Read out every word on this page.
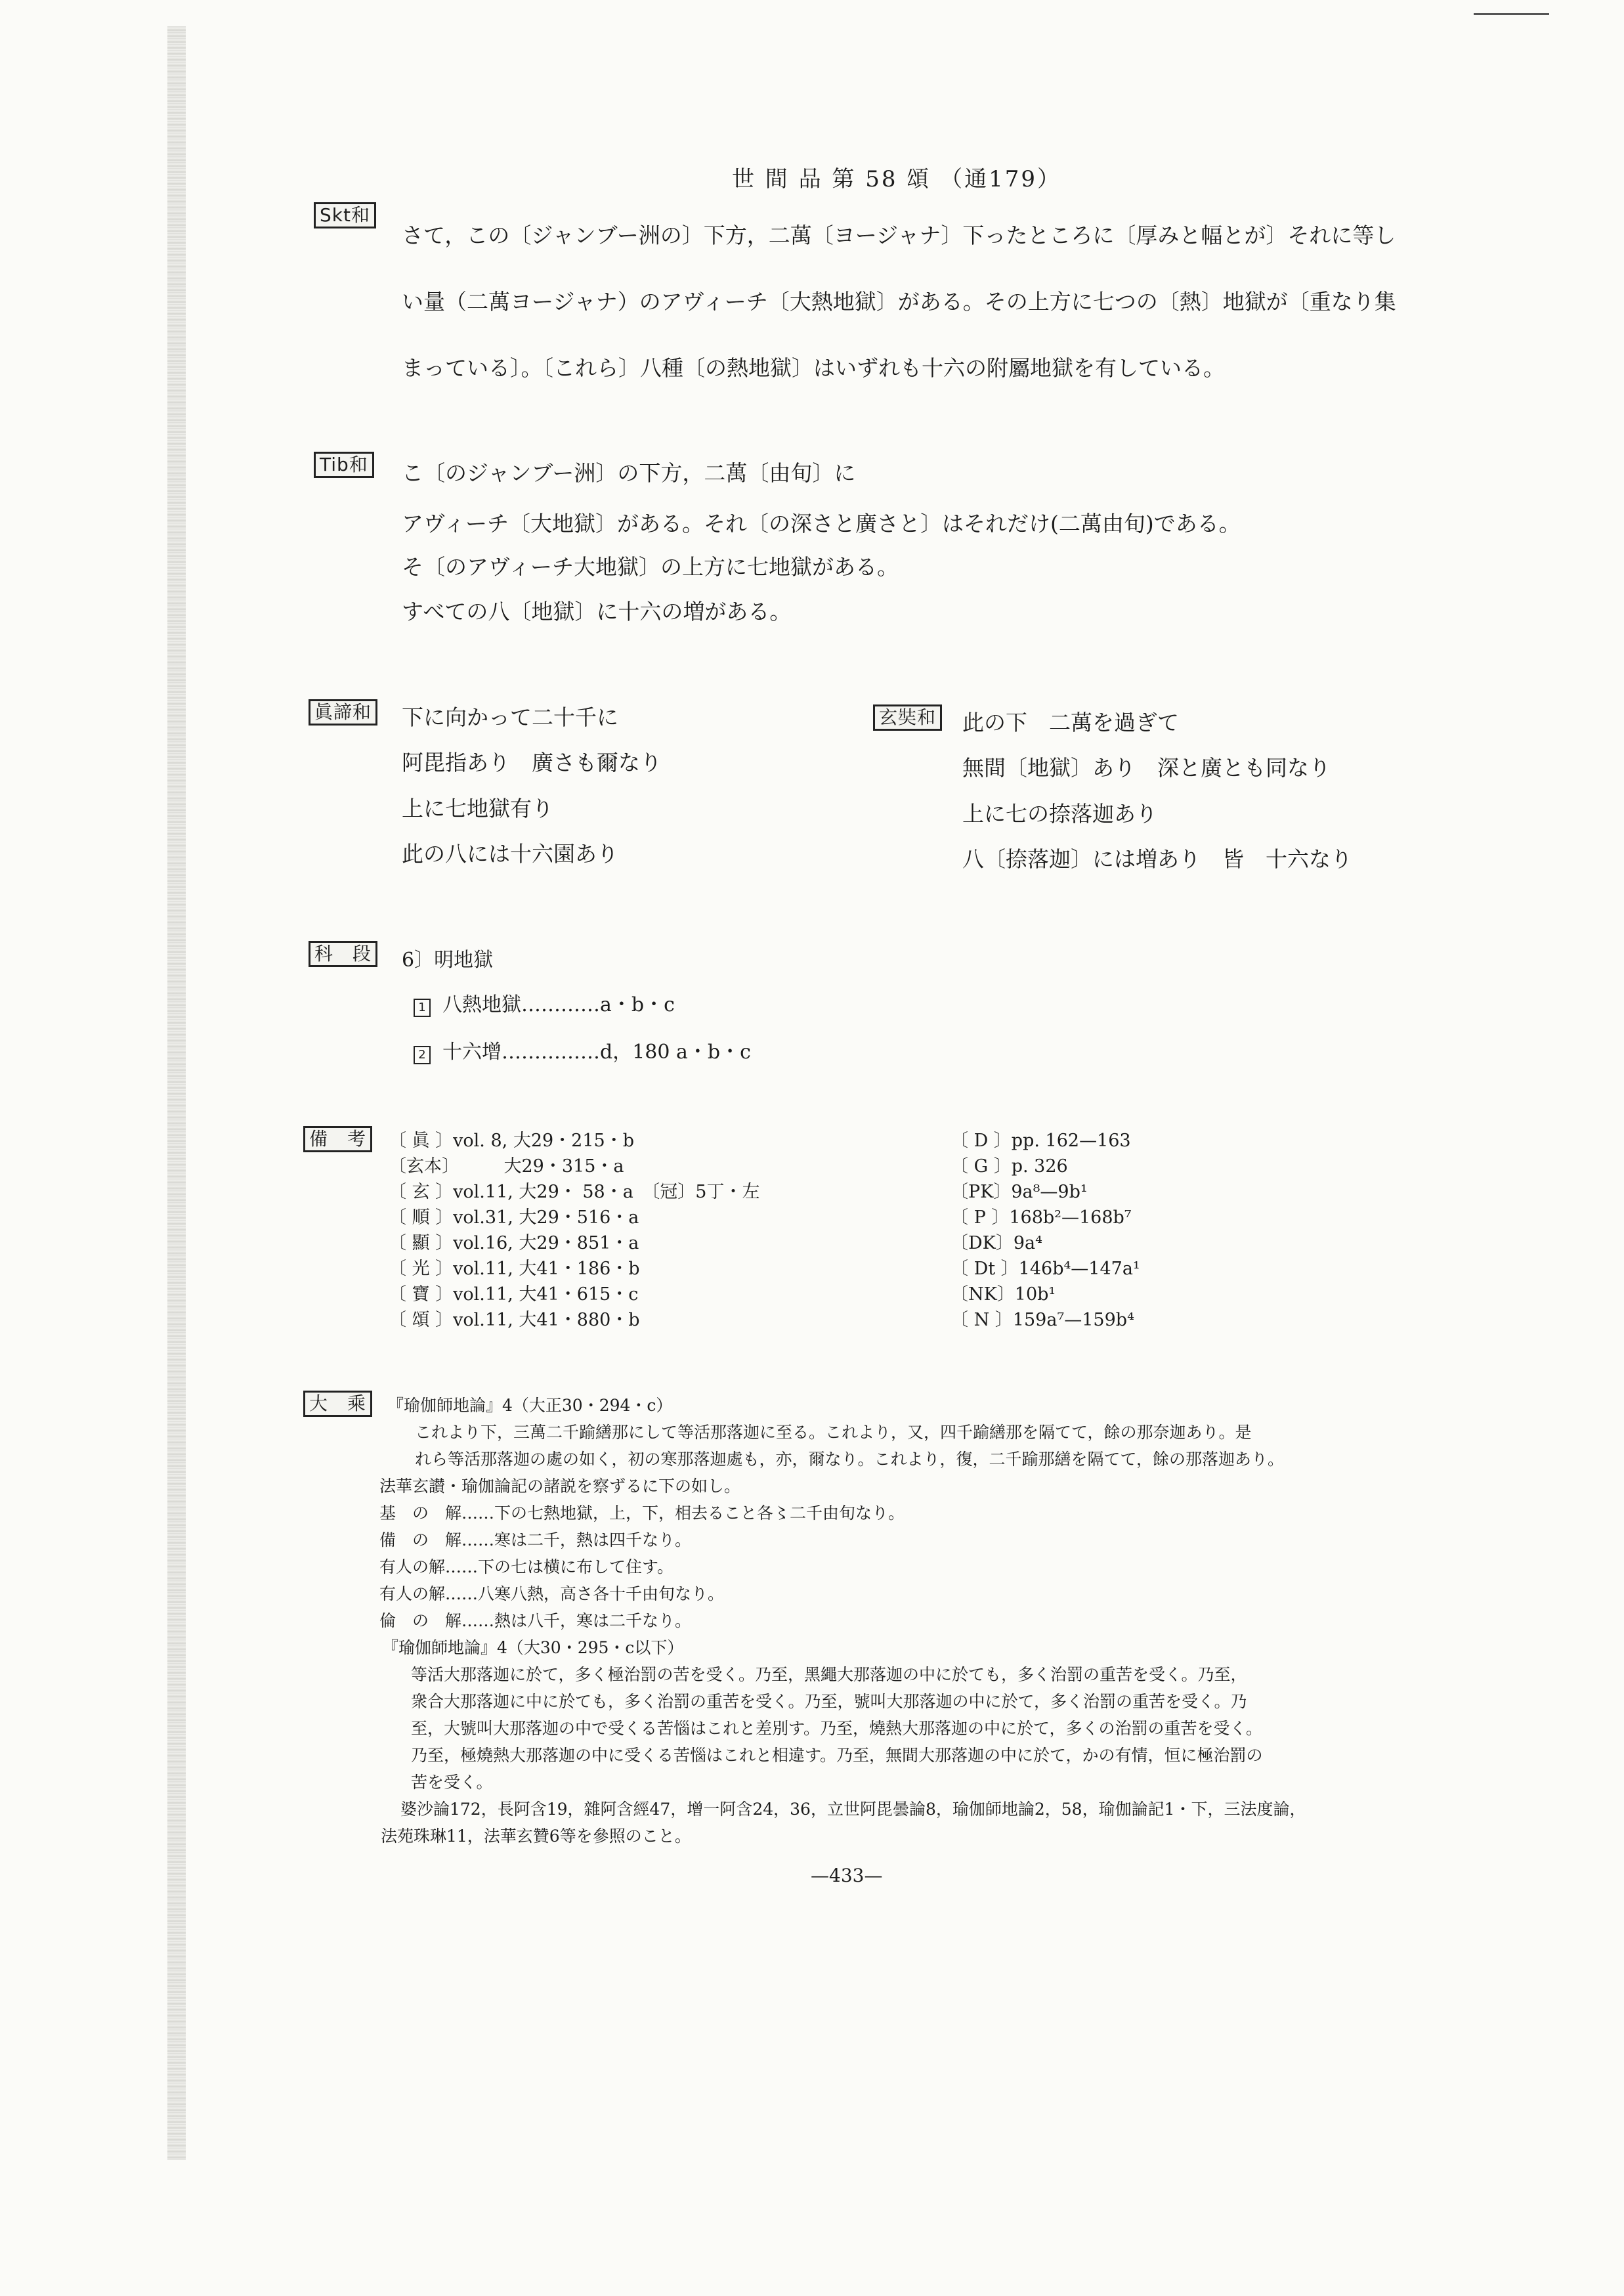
世 間 品 第 58 頌 （通179）
Skt和
さて，この〔ジャンブー洲の〕下方，二萬〔ヨージャナ〕下ったところに〔厚みと幅とが〕それに等し
い量（二萬ヨージャナ）のアヴィーチ〔大熱地獄〕がある。その上方に七つの〔熱〕地獄が〔重なり集
まっている〕。〔これら〕八種〔の熱地獄〕はいずれも十六の附屬地獄を有している。
Tib和 こ〔のジャンブー洲〕の下方，二萬〔由旬〕に
アヴィーチ〔大地獄〕がある。それ〔の深さと廣さと〕はそれだけ(二萬由旬)である。
そ〔のアヴィーチ大地獄〕の上方に七地獄がある。
すべての八〔地獄〕に十六の増がある。
眞諦和 下に向かって二十千に
阿毘指あり　廣さも爾なり
上に七地獄有り
此の八には十六園あり
玄奘和 此の下　二萬を過ぎて
無間〔地獄〕あり　深と廣とも同なり
上に七の捺落迦あり
八〔捺落迦〕には増あり　皆　十六なり
科　段	6〕明地獄
1 八熱地獄…………a・b・c
2 十六增……………d，180 a・b・c
備　考	〔 眞 〕vol. 8, 大29・215・b
〔玄本〕　　　大29・315・a
〔 玄 〕vol.11, 大29・ 58・a　〔冠〕5丁・左
〔 順 〕vol.31, 大29・516・a
〔 顯 〕vol.16, 大29・851・a
〔 光 〕vol.11, 大41・186・b
〔 寶 〕vol.11, 大41・615・c
〔 頌 〕vol.11, 大41・880・b
〔 D 〕pp. 162—163
〔 G 〕p. 326
〔PK〕9a⁸—9b¹
〔 P 〕168b²—168b⁷
〔DK〕9a⁴
〔 Dt 〕146b⁴—147a¹
〔NK〕10b¹
〔 N 〕159a⁷—159b⁴
大　乘	『瑜伽師地論』4（大正30・294・c）
これより下，三萬二千踰繕那にして等活那落迦に至る。これより，又，四千踰繕那を隔てて，餘の那奈迦あり。是
れら等活那落迦の處の如く，初の寒那落迦處も，亦，爾なり。これより，復，二千踰那繕を隔てて，餘の那落迦あり。
法華玄讃・瑜伽論記の諸説を察ずるに下の如し。
基　の　解……下の七熱地獄，上，下，相去ること各〻二千由旬なり。
備　の　解……寒は二千，熱は四千なり。
有人の解……下の七は横に布して住す。
有人の解……八寒八熱，高さ各十千由旬なり。
倫　の　解……熱は八千，寒は二千なり。
『瑜伽師地論』4（大30・295・c以下）
等活大那落迦に於て，多く極治罰の苦を受く。乃至，黑繩大那落迦の中に於ても，多く治罰の重苦を受く。乃至，
衆合大那落迦に中に於ても，多く治罰の重苦を受く。乃至，號叫大那落迦の中に於て，多く治罰の重苦を受く。乃
至，大號叫大那落迦の中で受くる苦惱はこれと差別す。乃至，燒熱大那落迦の中に於て，多くの治罰の重苦を受く。
乃至，極燒熱大那落迦の中に受くる苦惱はこれと相違す。乃至，無間大那落迦の中に於て，かの有情，恒に極治罰の
苦を受く。
婆沙論172，長阿含19，雜阿含經47，增一阿含24，36，立世阿毘曇論8，瑜伽師地論2，58，瑜伽論記1・下，三法度論，
法苑珠琳11，法華玄贊6等を參照のこと。
—433—
